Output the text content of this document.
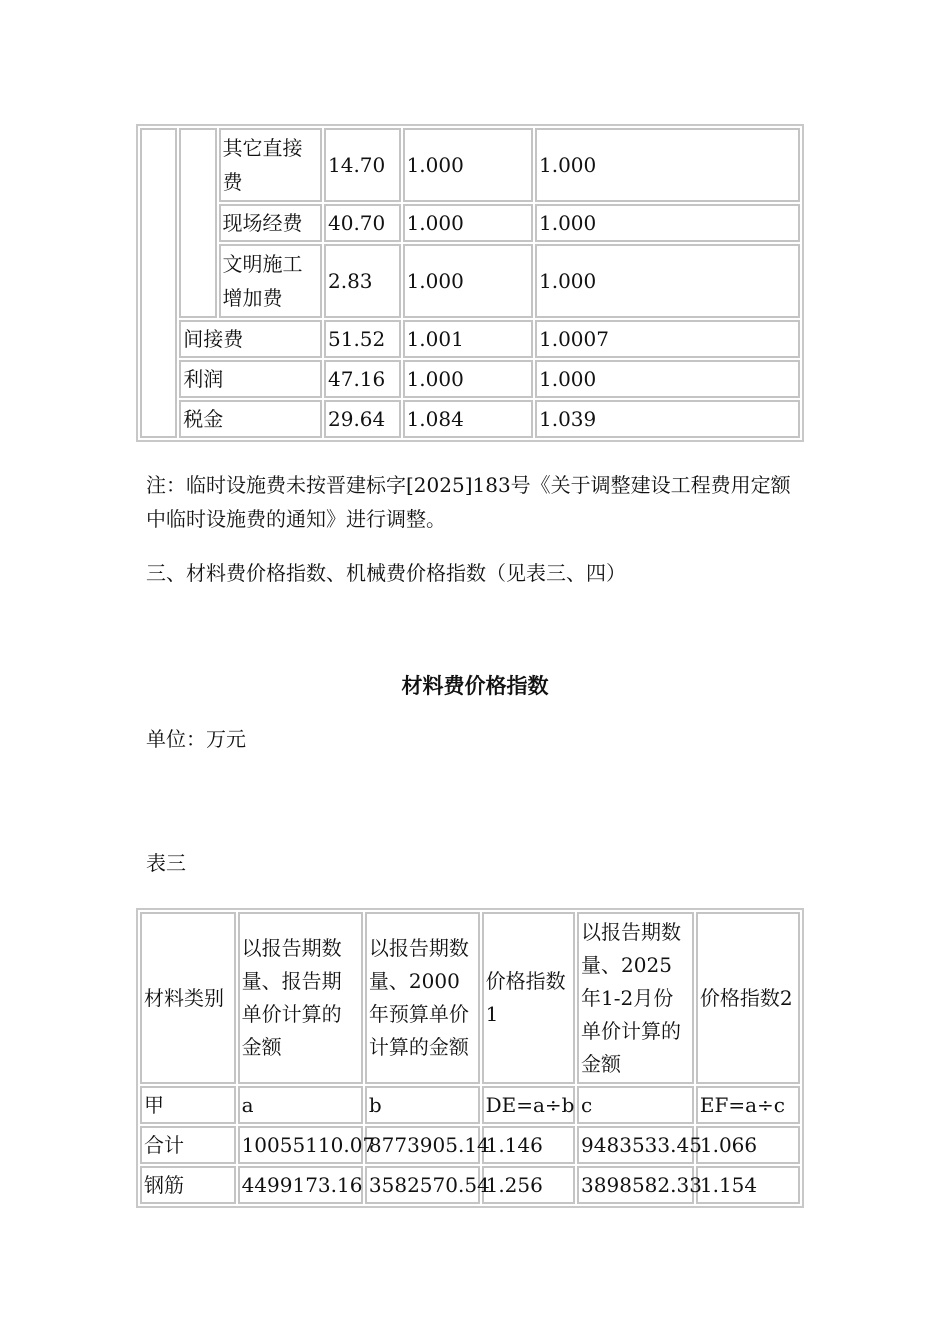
		其它直接费	14.70	1.000	1.000
		现场经费	40.70	1.000	1.000
		文明施工增加费	2.83	1.000	1.000
	间接费		51.52	1.001	1.0007
	利润		47.16	1.000	1.000
	税金		29.64	1.084	1.039
注：临时设施费未按晋建标字[2025]183号《关于调整建设工程费用定额中临时设施费的通知》进行调整。
三、材料费价格指数、机械费价格指数（见表三、四）
材料费价格指数
单位：万元
表三
材料类别	以报告期数量、报告期单价计算的金额	以报告期数量、2000年预算单价计算的金额	价格指数1	以报告期数量、2025年1-2月份单价计算的金额	价格指数2
甲	a	b	DE=a÷b	c	EF=a÷c
合计	10055110.07	8773905.14	1.146	9483533.45	1.066
钢筋	4499173.16	3582570.54	1.256	3898582.33	1.154
